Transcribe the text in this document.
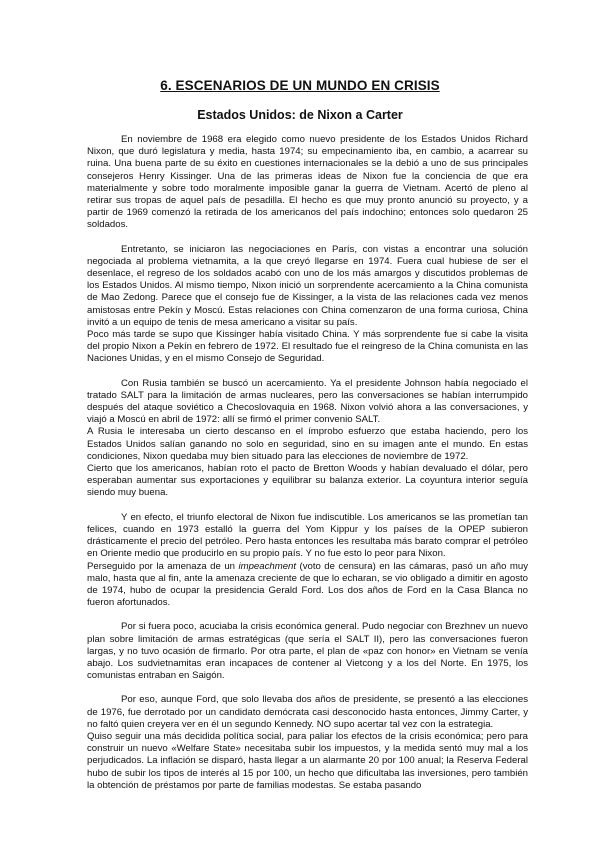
6. ESCENARIOS DE UN MUNDO EN CRISIS
Estados Unidos: de Nixon a Carter

En noviembre de 1968 era elegido como nuevo presidente de los Estados Unidos Richard Nixon, que duró legislatura y media, hasta 1974; su empecinamiento iba, en cambio, a acarrear su ruina. Una buena parte de su éxito en cuestiones internacionales se la debió a uno de sus principales consejeros Henry Kissinger. Una de las primeras ideas de Nixon fue la conciencia de que era materialmente y sobre todo moralmente imposible ganar la guerra de Vietnam. Acertó de pleno al retirar sus tropas de aquel país de pesadilla. El hecho es que muy pronto anunció su proyecto, y a partir de 1969 comenzó la retirada de los americanos del país indochino; entonces solo quedaron 25 soldados.

Entretanto, se iniciaron las negociaciones en París, con vistas a encontrar una solución negociada al problema vietnamita, a la que creyó llegarse en 1974. Fuera cual hubiese de ser el desenlace, el regreso de los soldados acabó con uno de los más amargos y discutidos problemas de los Estados Unidos. Al mismo tiempo, Nixon inició un sorprendente acercamiento a la China comunista de Mao Zedong. Parece que el consejo fue de Kissinger, a la vista de las relaciones cada vez menos amistosas entre Pekín y Moscú. Estas relaciones con China comenzaron de una forma curiosa, China invitó a un equipo de tenis de mesa americano a visitar su país.

Poco más tarde se supo que Kissinger había visitado China. Y más sorprendente fue si cabe la visita del propio Nixon a Pekín en febrero de 1972. El resultado fue el reingreso de la China comunista en las Naciones Unidas, y en el mismo Consejo de Seguridad.

Con Rusia también se buscó un acercamiento. Ya el presidente Johnson había negociado el tratado SALT para la limitación de armas nucleares, pero las conversaciones se habían interrumpido después del ataque soviético a Checoslovaquia en 1968. Nixon volvió ahora a las conversaciones, y viajó a Moscú en abril de 1972: allí se firmó el primer convenio SALT.

A Rusia le interesaba un cierto descanso en el ímprobo esfuerzo que estaba haciendo, pero los Estados Unidos salían ganando no solo en seguridad, sino en su imagen ante el mundo. En estas condiciones, Nixon quedaba muy bien situado para las elecciones de noviembre de 1972.

Cierto que los americanos, habían roto el pacto de Bretton Woods y habían devaluado el dólar, pero esperaban aumentar sus exportaciones y equilibrar su balanza exterior. La coyuntura interior seguía siendo muy buena.

Y en efecto, el triunfo electoral de Nixon fue indiscutible. Los americanos se las prometían tan felices, cuando en 1973 estalló la guerra del Yom Kippur y los países de la OPEP subieron drásticamente el precio del petróleo. Pero hasta entonces les resultaba más barato comprar el petróleo en Oriente medio que producirlo en su propio país. Y no fue esto lo peor para Nixon.

Perseguido por la amenaza de un impeachment (voto de censura) en las cámaras, pasó un año muy malo, hasta que al fin, ante la amenaza creciente de que lo echaran, se vio obligado a dimitir en agosto de 1974, hubo de ocupar la presidencia Gerald Ford. Los dos años de Ford en la Casa Blanca no fueron afortunados.

Por si fuera poco, acuciaba la crisis económica general. Pudo negociar con Brezhnev un nuevo plan sobre limitación de armas estratégicas (que sería el SALT II), pero las conversaciones fueron largas, y no tuvo ocasión de firmarlo. Por otra parte, el plan de «paz con honor» en Vietnam se venía abajo. Los sudvietnamitas eran incapaces de contener al Vietcong y a los del Norte. En 1975, los comunistas entraban en Saigón.

Por eso, aunque Ford, que solo llevaba dos años de presidente, se presentó a las elecciones de 1976, fue derrotado por un candidato demócrata casi desconocido hasta entonces, Jimmy Carter, y no faltó quien creyera ver en él un segundo Kennedy. NO supo acertar tal vez con la estrategia.

Quiso seguir una más decidida política social, para paliar los efectos de la crisis económica; pero para construir un nuevo «Welfare State» necesitaba subir los impuestos, y la medida sentó muy mal a los perjudicados. La inflación se disparó, hasta llegar a un alarmante 20 por 100 anual; la Reserva Federal hubo de subir los tipos de interés al 15 por 100, un hecho que dificultaba las inversiones, pero también la obtención de préstamos por parte de familias modestas. Se estaba pasando
